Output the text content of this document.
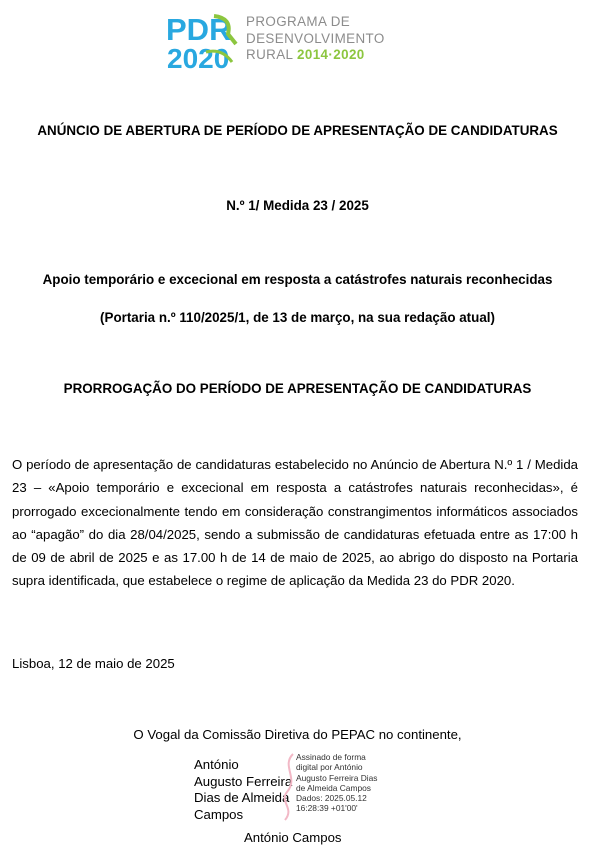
PDR
2020
PROGRAMA DE
DESENVOLVIMENTO
RURAL 2014·2020
ANÚNCIO DE ABERTURA DE PERÍODO DE APRESENTAÇÃO DE CANDIDATURAS
N.º 1/ Medida 23 / 2025
Apoio temporário e excecional em resposta a catástrofes naturais reconhecidas
(Portaria n.º 110/2025/1, de 13 de março, na sua redação atual)
PRORROGAÇÃO DO PERÍODO DE APRESENTAÇÃO DE CANDIDATURAS
O período de apresentação de candidaturas estabelecido no Anúncio de Abertura N.º 1 / Medida 23 – «Apoio temporário e excecional em resposta a catástrofes naturais reconhecidas», é prorrogado excecionalmente tendo em consideração constrangimentos informáticos associados ao “apagão” do dia 28/04/2025, sendo a submissão de candidaturas efetuada entre as 17:00 h de 09 de abril de 2025 e as 17.00 h de 14 de maio de 2025, ao abrigo do disposto na Portaria supra identificada, que estabelece o regime de aplicação da Medida 23 do PDR 2020.
Lisboa, 12 de maio de 2025
O Vogal da Comissão Diretiva do PEPAC no continente,
António
Augusto Ferreira
Dias de Almeida
Campos
Assinado de forma
digital por António
Augusto Ferreira Dias
de Almeida Campos
Dados: 2025.05.12
16:28:39 +01'00'
António Campos
